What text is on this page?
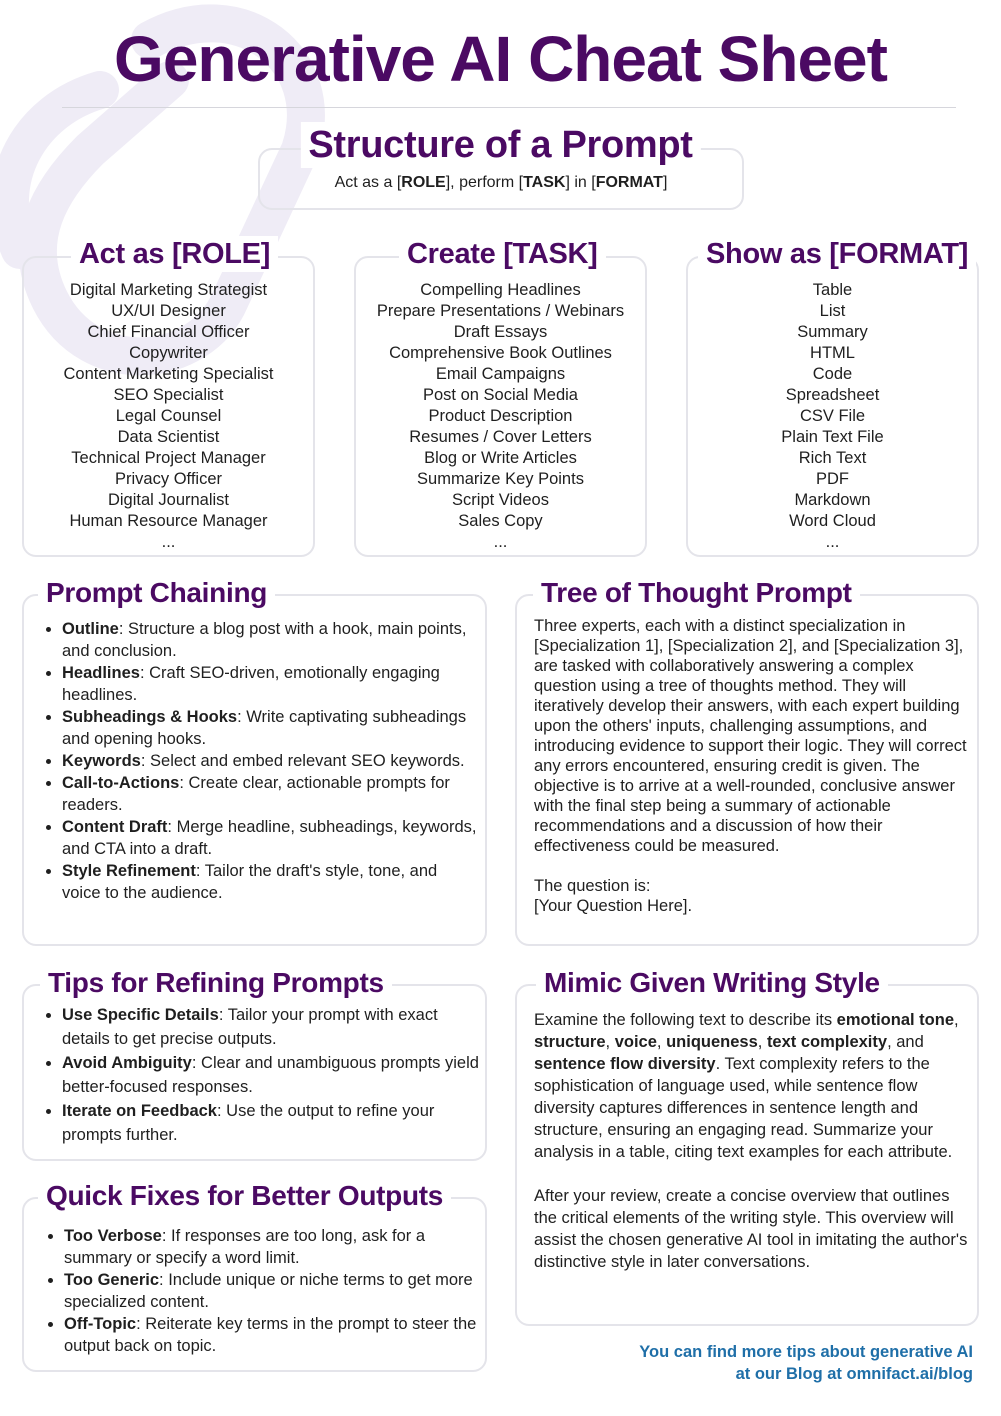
Generative AI Cheat Sheet
Act as a [ROLE], perform [TASK] in [FORMAT]
Structure of a Prompt
Digital Marketing Strategist
UX/UI Designer
Chief Financial Officer
Copywriter
Content Marketing Specialist
SEO Specialist
Legal Counsel
Data Scientist
Technical Project Manager
Privacy Officer
Digital Journalist
Human Resource Manager
...
Act as [ROLE]
Compelling Headlines
Prepare Presentations / Webinars
Draft Essays
Comprehensive Book Outlines
Email Campaigns
Post on Social Media
Product Description
Resumes / Cover Letters
Blog or Write Articles
Summarize Key Points
Script Videos
Sales Copy
...
Create [TASK]
Table
List
Summary
HTML
Code
Spreadsheet
CSV File
Plain Text File
Rich Text
PDF
Markdown
Word Cloud
...
Show as [FORMAT]
• Outline: Structure a blog post with a hook, main points, and conclusion.
• Headlines: Craft SEO-driven, emotionally engaging headlines.
• Subheadings & Hooks: Write captivating subheadings and opening hooks.
• Keywords: Select and embed relevant SEO keywords.
• Call-to-Actions: Create clear, actionable prompts for readers.
• Content Draft: Merge headline, subheadings, keywords, and CTA into a draft.
• Style Refinement: Tailor the draft's style, tone, and voice to the audience.
Prompt Chaining

Three experts, each with a distinct specialization in [Specialization 1], [Specialization 2], and [Specialization 3], are tasked with collaboratively answering a complex question using a tree of thoughts method. They will iteratively develop their answers, with each expert building upon the others' inputs, challenging assumptions, and introducing evidence to support their logic. They will correct any errors encountered, ensuring credit is given. The objective is to arrive at a well-rounded, conclusive answer with the final step being a summary of actionable recommendations and a discussion of how their effectiveness could be measured.

The question is:

[Your Question Here].

Tree of Thought Prompt
• Use Specific Details: Tailor your prompt with exact details to get precise outputs.
• Avoid Ambiguity: Clear and unambiguous prompts yield better-focused responses.
• Iterate on Feedback: Use the output to refine your prompts further.
Tips for Refining Prompts

Examine the following text to describe its emotional tone, structure, voice, uniqueness, text complexity, and sentence flow diversity. Text complexity refers to the sophistication of language used, while sentence flow diversity captures differences in sentence length and structure, ensuring an engaging read. Summarize your analysis in a table, citing text examples for each attribute.

After your review, create a concise overview that outlines the critical elements of the writing style. This overview will assist the chosen generative AI tool in imitating the author's distinctive style in later conversations.

Mimic Given Writing Style
• Too Verbose: If responses are too long, ask for a summary or specify a word limit.
• Too Generic: Include unique or niche terms to get more specialized content.
• Off-Topic: Reiterate key terms in the prompt to steer the output back on topic.
Quick Fixes for Better Outputs
You can find more tips about generative AI
at our Blog at omnifact.ai/blog
